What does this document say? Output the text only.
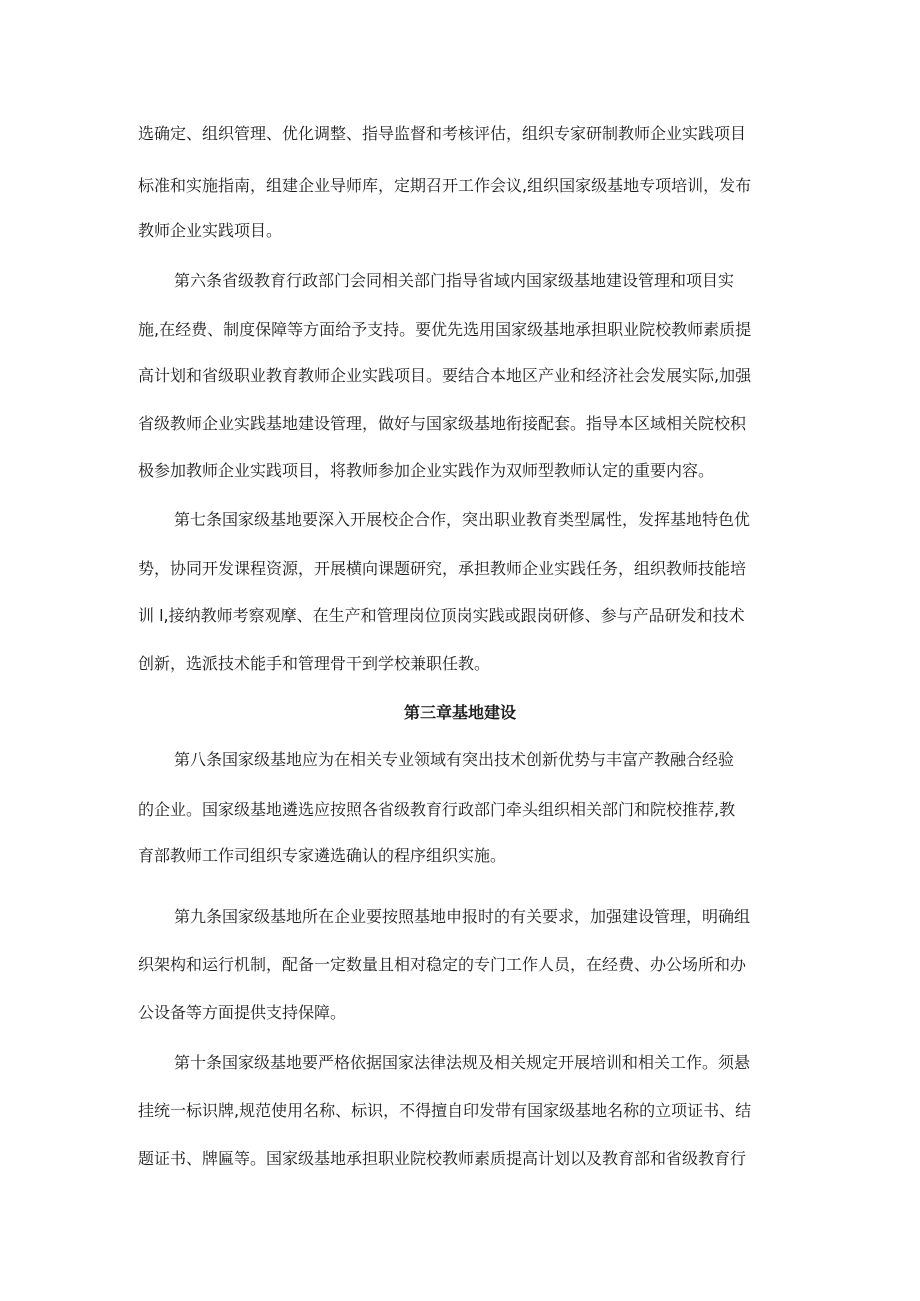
选确定、组织管理、优化调整、指导监督和考核评估，组织专家研制教师企业实践项目
标准和实施指南，组建企业导师库，定期召开工作会议,组织国家级基地专项培训，发布
教师企业实践项目。
第六条省级教育行政部门会同相关部门指导省域内国家级基地建设管理和项目实
施,在经费、制度保障等方面给予支持。要优先选用国家级基地承担职业院校教师素质提
高计划和省级职业教育教师企业实践项目。要结合本地区产业和经济社会发展实际,加强
省级教师企业实践基地建设管理，做好与国家级基地衔接配套。指导本区域相关院校积
极参加教师企业实践项目，将教师参加企业实践作为双师型教师认定的重要内容。
第七条国家级基地要深入开展校企合作，突出职业教育类型属性，发挥基地特色优
势，协同开发课程资源，开展横向课题研究，承担教师企业实践任务，组织教师技能培
训 l,接纳教师考察观摩、在生产和管理岗位顶岗实践或跟岗研修、参与产品研发和技术
创新，选派技术能手和管理骨干到学校兼职任教。
第三章基地建设
第八条国家级基地应为在相关专业领域有突出技术创新优势与丰富产教融合经验
的企业。国家级基地遴选应按照各省级教育行政部门牵头组织相关部门和院校推荐,教
育部教师工作司组织专家遴选确认的程序组织实施。
第九条国家级基地所在企业要按照基地申报时的有关要求，加强建设管理，明确组
织架构和运行机制，配备一定数量且相对稳定的专门工作人员，在经费、办公场所和办
公设备等方面提供支持保障。
第十条国家级基地要严格依据国家法律法规及相关规定开展培训和相关工作。须悬
挂统一标识牌,规范使用名称、标识，不得擅自印发带有国家级基地名称的立项证书、结
题证书、牌匾等。国家级基地承担职业院校教师素质提高计划以及教育部和省级教育行
